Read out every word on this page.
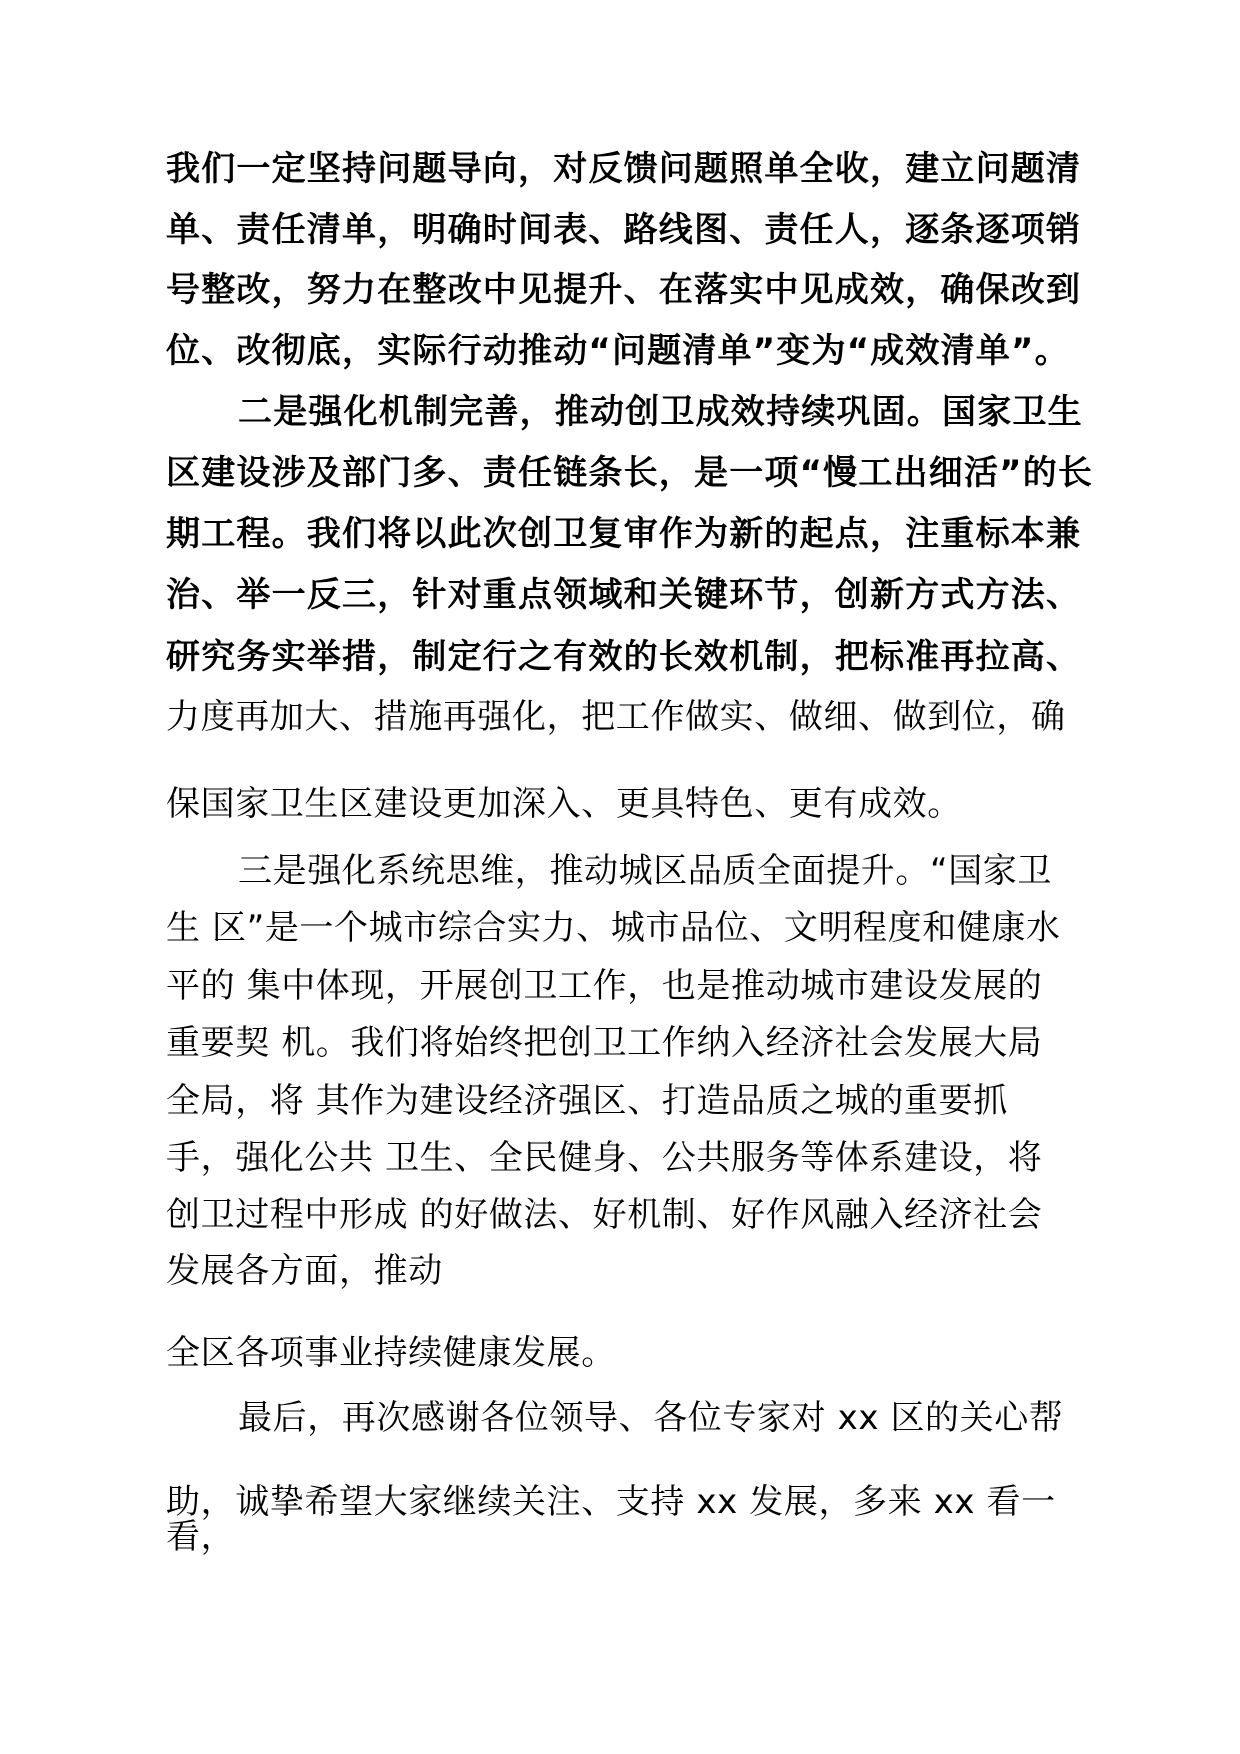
我们一定坚持问题导向，对反馈问题照单全收，建立问题清
单、责任清单，明确时间表、路线图、责任人，逐条逐项销
号整改，努力在整改中见提升、在落实中见成效，确保改到
位、改彻底，实际行动推动“问题清单”变为“成效清单”。
二是强化机制完善，推动创卫成效持续巩固。国家卫生
区建设涉及部门多、责任链条长，是一项“慢工出细活”的长
期工程。我们将以此次创卫复审作为新的起点，注重标本兼
治、举一反三，针对重点领域和关键环节，创新方式方法、
研究务实举措，制定行之有效的长效机制，把标准再拉高、
力度再加大、措施再强化，把工作做实、做细、做到位，确
保国家卫生区建设更加深入、更具特色、更有成效。
三是强化系统思维，推动城区品质全面提升。“国家卫
生 区”是一个城市综合实力、城市品位、文明程度和健康水
平的 集中体现，开展创卫工作，也是推动城市建设发展的
重要契 机。我们将始终把创卫工作纳入经济社会发展大局
全局，将 其作为建设经济强区、打造品质之城的重要抓
手，强化公共 卫生、全民健身、公共服务等体系建设，将
创卫过程中形成 的好做法、好机制、好作风融入经济社会
发展各方面，推动
全区各项事业持续健康发展。
最后，再次感谢各位领导、各位专家对 xx 区的关心帮
助，诚挚希望大家继续关注、支持 xx 发展，多来 xx 看一
看，
